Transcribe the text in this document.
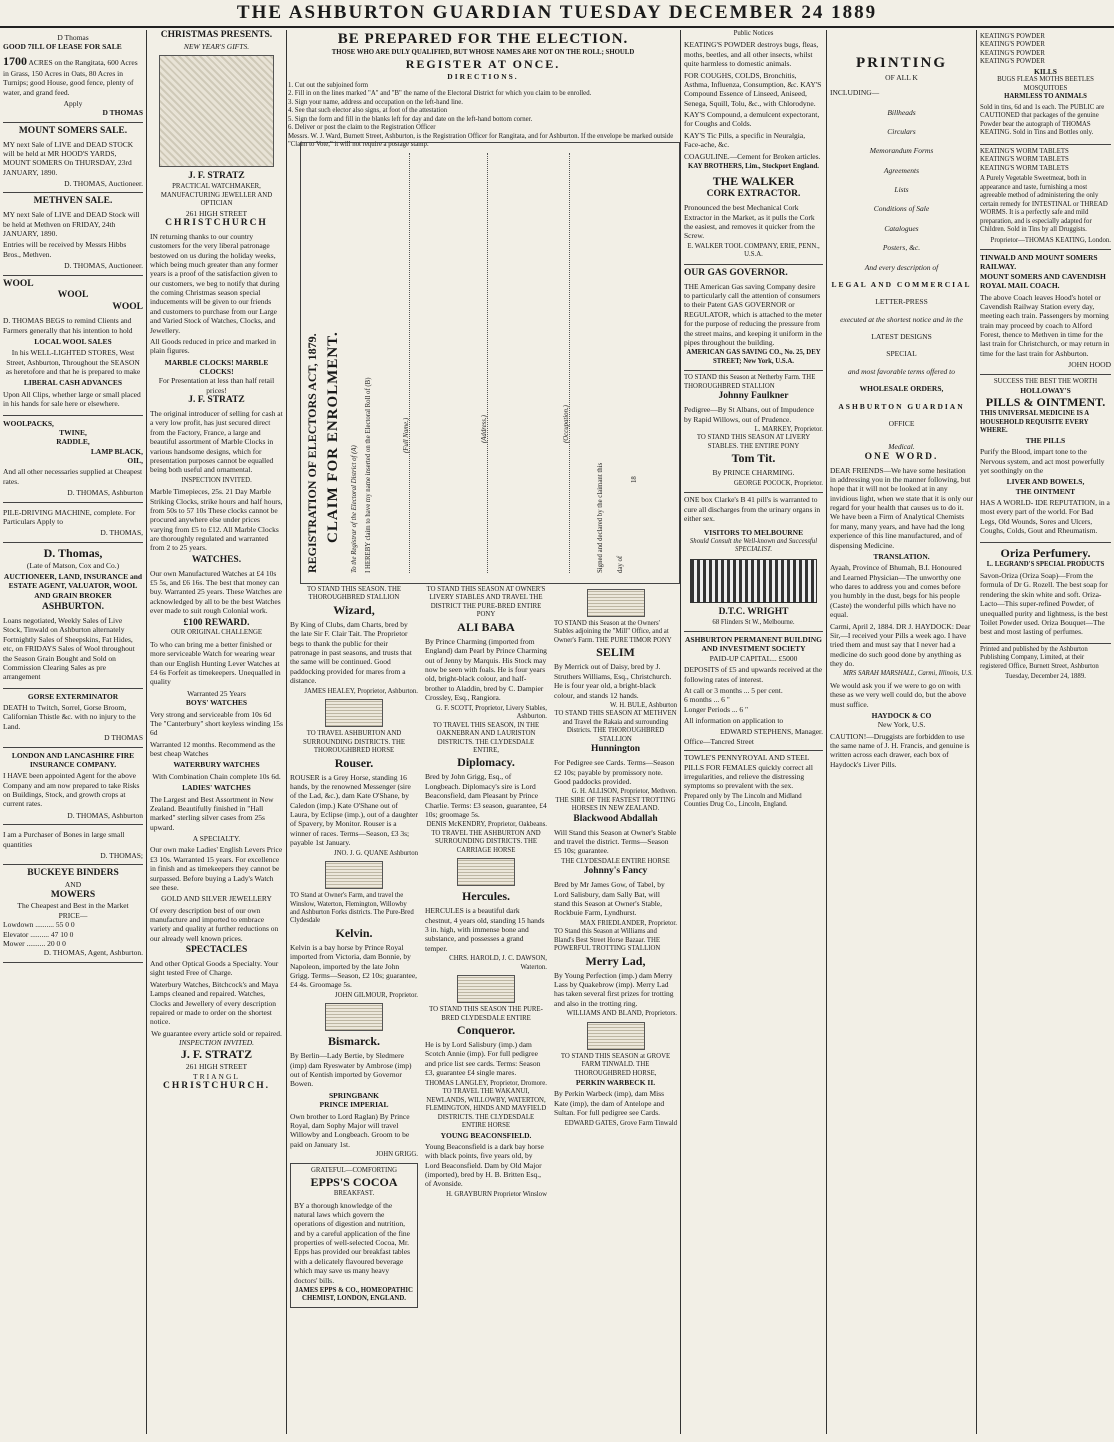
THE ASHBURTON GUARDIAN TUESDAY DECEMBER 24 1889
D Thomas
GOOD 7ILL OF LEASE FOR SALE

1700 ACRES on the Rangitata, 600 Acres in Grass, 150 Acres in Oats, 80 Acres in Turnips; good House, good fence, plenty of water, and grand feed.

Apply
D THOMAS
MOUNT SOMERS SALE.

MY next Sale of LIVE and DEAD STOCK will be held at MR HOOD'S YARDS, MOUNT SOMERS On THURSDAY, 23rd JANUARY, 1890.

D. THOMAS, Auctioneer.
METHVEN SALE.

MY next Sale of LIVE and DEAD Stock will be held at Methven on FRIDAY, 24th JANUARY, 1890.

Entries will be received by Messrs Hibbs Bros., Methven.

D. THOMAS, Auctioneer.
WOOL
WOOL
WOOL

D. THOMAS BEGS to remind Clients and Farmers generally that his intention to hold

LOCAL WOOL SALES

In his WELL-LIGHTED STORES, West Street, Ashburton, Throughout the SEASON as heretofore and that he is prepared to make

LIBERAL CASH ADVANCES

Upon All Clips, whether large or small placed in his hands for sale here or elsewhere.

WOOLPACKS,
TWINE,
RADDLE,
LAMP BLACK,
OIL,

And all other necessaries supplied at Cheapest rates.

D. THOMAS, Ashburton

PILE-DRIVING MACHINE, complete. For Particulars Apply to

D. THOMAS,
D. Thomas,
(Late of Matson, Cox and Co.)

AUCTIONEER, LAND, INSURANCE and ESTATE AGENT, VALUATOR, WOOL AND GRAIN BROKER

ASHBURTON.

Loans negotiated, Weekly Sales of Live Stock, Tinwald on Ashburton alternately Fortnightly Sales of Sheepskins, Fat Hides, etc, on FRIDAYS Sales of Wool throughout the Season Grain Bought and Sold on Commission Clearing Sales as pre arrangement

GORSE EXTERMINATOR

DEATH to Twitch, Sorrel, Gorse Broom, Californian Thistle &c. with no injury to the Land.

D THOMAS
LONDON AND LANCASHIRE FIRE INSURANCE COMPANY.

I HAVE been appointed Agent for the above Company and am now prepared to take Risks on Buildings, Stock, and growth crops at current rates.

D. THOMAS, Ashburton

I am a Purchaser of Bones in large small quantities

D. THOMAS;
BUCKEYE BINDERS
AND
MOWERS
The Cheapest and Best in the Market
PRICE—
Lowdown .......... 55 0 0
Elevator .......... 47 10 0
Mower .......... 20 0 0
D. THOMAS, Agent, Ashburton.
CHRISTMAS PRESENTS.
NEW YEAR'S GIFTS.
J. F. STRATZ
PRACTICAL WATCHMAKER, MANUFACTURING JEWELLER AND OPTICIAN
261 HIGH STREET
CHRISTCHURCH

IN returning thanks to our country customers for the very liberal patronage bestowed on us during the holiday weeks, which being much greater than any former years is a proof of the satisfaction given to our customers, we beg to notify that during the coming Christmas season special inducements will be given to our friends and customers to purchase from our Large and Varied Stock of Watches, Clocks, and Jewellery.

All Goods reduced in price and marked in plain figures.

MARBLE CLOCKS! MARBLE CLOCKS!
For Presentation at less than half retail prices!
J. F. STRATZ

The original introducer of selling for cash at a very low profit, has just secured direct from the Factory, France, a large and beautiful assortment of Marble Clocks in various handsome designs, which for presentation purposes cannot be equalled being both useful and ornamental.

INSPECTION INVITED.

Marble Timepieces, 25s. 21 Day Marble Striking Clocks, strike hours and half hours, from 50s to 57 10s These clocks cannot be procured anywhere else under prices varying from £5 to £12. All Marble Clocks are thoroughly regulated and warranted from 2 to 25 years.

WATCHES.

Our own Manufactured Watches at £4 10s £5 5s, and £6 16s. The best that money can buy. Warranted 25 years. These Watches are acknowledged by all to be the best Watches ever made to suit rough Colonial work.

£100 REWARD.
OUR ORIGINAL CHALLENGE

To who can bring me a better finished or more serviceable Watch for wearing wear than our English Hunting Lever Watches at £4 6s Forfeit as timekeepers. Unequalled in quality

Warranted 25 Years
BOYS' WATCHES

Very strong and serviceable from 10s 6d The "Canterbury" short keyless winding 15s 6d

Warranted 12 months. Recommend as the best cheap Watches

WATERBURY WATCHES

With Combination Chain complete 10s 6d.

LADIES' WATCHES

The Largest and Best Assortment in New Zealand. Beautifully finished in "Hall marked" sterling silver cases from 25s upward.

A SPECIALTY.

Our own make Ladies' English Levers Price £3 10s. Warranted 15 years. For excellence in finish and as timekeepers they cannot be surpassed. Before buying a Lady's Watch see these.

GOLD AND SILVER JEWELLERY

Of every description best of our own manufacture and imported to embrace variety and quality at further reductions on our already well known prices.

SPECTACLES

And other Optical Goods a Specialty. Your sight tested Free of Charge.

Waterbury Watches, Bitchcock's and Maya Lamps cleaned and repaired. Watches, Clocks and Jewellery of every description repaired or made to order on the shortest notice.

We guarantee every article sold or repaired.
INSPECTION INVITED.
J. F. STRATZ
261 HIGH STREET
TRIANGL
CHRISTCHURCH.
BE PREPARED FOR THE ELECTION.
THOSE WHO ARE DULY QUALIFIED, BUT WHOSE NAMES ARE NOT ON THE ROLL; SHOULD
REGISTER AT ONCE.
DIRECTIONS.
1. Cut out the subjoined form
2. Fill in on the lines marked "A" and "B" the name of the Electoral District for which you claim to be enrolled.
3. Sign your name, address and occupation on the left-hand line.
4. See that such elector also signs, at foot of the attestation
5. Sign the form and fill in the blanks left for day and date on the left-hand bottom corner.
6. Deliver or post the claim to the Registration Officer
Messrs. W. J. Ward, Burnett Street, Ashburton, is the Registration Officer for Rangitata, and for Ashburton. If the envelope be marked outside "Claim to Vote," it will not require a postage stamp.
REGISTRATION OF ELECTORS ACT, 1879. CLAIM FOR ENROLMENT. To the Registrar of the Electoral District of (A) I HEREBY claim to have my name inserted on the Electoral Roll of (B)	(Full Name.)	(Address.)	(Occupation.)
Signed and declared by the claimant this day of
18
TO STAND THIS SEASON. THE THOROUGHBRED STALLION
Wizard,

By King of Clubs, dam Charts, bred by the late Sir F. Clair Tait. The Proprietor begs to thank the public for their patronage in past seasons, and trusts that the same will be continued. Good paddocking provided for mares from a distance.

JAMES HEALEY, Proprietor, Ashburton.
TO TRAVEL ASHBURTON AND SURROUNDING DISTRICTS. THE THOROUGHBRED HORSE
Rouser.

ROUSER is a Grey Horse, standing 16 hands, by the renowned Messenger (sire of the Lad, &c.), dam Kate O'Shane, by Caledon (imp.) Kate O'Shane out of Laura, by Eclipse (imp.), out of a daughter of Spavery, by Monitor. Rouser is a winner of races. Terms—Season, £3 3s; payable 1st January.

JNO. J. G. QUANE Ashburton
TO Stand at Owner's Farm, and travel the Winslow, Waterton, Flemington, Willowby and Ashburton Forks districts. The Pure-Bred Clydesdale
Kelvin.

Kelvin is a bay horse by Prince Royal imported from Victoria, dam Bonnie, by Napoleon, imported by the late John Grigg. Terms—Season, £2 10s; guarantee, £4 4s. Groomage 5s.

JOHN GILMOUR, Proprietor.
Bismarck.

By Berlin—Lady Bertie, by Sledmere (imp) dam Ryeswater by Ambrose (imp) out of Kentish imported by Governor Bowen.

SPRINGBANK
PRINCE IMPERIAL

Own brother to Lord Raglan) By Prince Royal, dam Sophy Major will travel Willowby and Longbeach. Groom to be paid on January 1st.

JOHN GRIGG.
GRATEFUL—COMFORTING
EPPS'S COCOA
BREAKFAST.

BY a thorough knowledge of the natural laws which govern the operations of digestion and nutrition, and by a careful application of the fine properties of well-selected Cocoa, Mr. Epps has provided our breakfast tables with a delicately flavoured beverage which may save us many heavy doctors' bills.

JAMES EPPS & CO., HOMEOPATHIC CHEMIST, LONDON, ENGLAND.
TO STAND THIS SEASON AT OWNER'S LIVERY STABLES AND TRAVEL THE DISTRICT THE PURE-BRED ENTIRE PONY
ALI BABA

By Prince Charming (imported from England) dam Pearl by Prince Charming out of Jenny by Marquis. His Stock may now be seen with foals. He is four years old, bright-black colour, and half-brother to Aladdin, bred by C. Dampier Crossley, Esq., Rangiora.

G. F. SCOTT, Proprietor, Livery Stables, Ashburton.
TO TRAVEL THIS SEASON, IN THE OAKNEBRAN AND LAURISTON DISTRICTS. THE CLYDESDALE ENTIRE,
Diplomacy.

Bred by John Grigg, Esq., of Longbeach. Diplomacy's sire is Lord Beaconsfield, dam Pleasant by Prince Charlie. Terms: £3 season, guarantee, £4 10s; groomage 5s.

DENIS McKENDRY, Proprietor, Oakbeans.
TO TRAVEL THE ASHBURTON AND SURROUNDING DISTRICTS. THE CARRIAGE HORSE
Hercules.

HERCULES is a beautiful dark chestnut, 4 years old, standing 15 hands 3 in. high, with immense bone and substance, and possesses a grand temper.

CHRS. HAROLD, J. C. DAWSON, Waterton.
TO STAND THIS SEASON THE PURE-BRED CLYDESDALE ENTIRE
Conqueror.

He is by Lord Salisbury (imp.) dam Scotch Annie (imp). For full pedigree and price list see cards. Terms: Season £3, guarantee £4 single mares.

THOMAS LANGLEY, Proprietor, Dromore.
TO TRAVEL THE WAKANUI, NEWLANDS, WILLOWBY, WATERTON, FLEMINGTON, HINDS AND MAYFIELD DISTRICTS. THE CLYDESDALE ENTIRE HORSE
YOUNG BEACONSFIELD.

Young Beaconsfield is a dark bay horse with black points, five years old, by Lord Beaconsfield. Dam by Old Major (imported), bred by H. B. Britten Esq., of Avonside.

H. GRAYBURN Proprietor Winslow
TO STAND this Season at the Owners' Stables adjoining the "Mill" Office, and at Owner's Farm. THE PURE TIMOR PONY
SELIM

By Merrick out of Daisy, bred by J. Struthers Williams, Esq., Christchurch. He is four year old, a bright-black colour, and stands 12 hands.

W. H. BULE, Ashburton
TO STAND THIS SEASON AT METHVEN and Travel the Rakaia and surrounding Districts. THE THOROUGHBRED STALLION
Hunnington

For Pedigree see Cards. Terms—Season £2 10s; payable by promissory note. Good paddocks provided.

G. H. ALLISON, Proprietor, Methven.
THE SIRE OF THE FASTEST TROTTING HORSES IN NEW ZEALAND.
Blackwood Abdallah

Will Stand this Season at Owner's Stable and travel the district. Terms—Season £5 10s; guarantee.

THE CLYDESDALE ENTIRE HORSE
Johnny's Fancy

Bred by Mr James Gow, of Tabel, by Lord Salisbury, dam Sally Bat, will stand this Season at Owner's Stable, Rockbuie Farm, Lyndhurst.

MAX FRIEDLANDER, Proprietor.
TO Stand this Season at Williams and Bland's Best Street Horse Bazaar. THE POWERFUL TROTTING STALLION
Merry Lad,

By Young Perfection (imp.) dam Merry Lass by Quakebrow (imp). Merry Lad has taken several first prizes for trotting and also in the trotting ring.

WILLIAMS AND BLAND, Proprietors.
TO STAND THIS SEASON at GROVE FARM TINWALD. THE THOROUGHBRED HORSE,
PERKIN WARBECK II.

By Perkin Warbeck (imp), dam Miss Kate (imp), the dam of Antelope and Sultan. For full pedigree see Cards.

EDWARD GATES, Grove Farm Tinwald
Public Notices

KEATING'S POWDER destroys bugs, fleas, moths, beetles, and all other insects, whilst quite harmless to domestic animals.

FOR COUGHS, COLDS, Bronchitis, Asthma, Influenza, Consumption, &c. KAY'S Compound Essence of Linseed, Aniseed, Senega, Squill, Tolu, &c., with Chlorodyne.

KAY'S Compound, a demulcent expectorant, for Coughs and Colds.

KAY'S Tic Pills, a specific in Neuralgia, Face-ache, &c.

COAGULINE.—Cement for Broken articles.

KAY BROTHERS, Lim., Stockport England.
THE WALKER
CORK EXTRACTOR.

Pronounced the best Mechanical Cork Extractor in the Market, as it pulls the Cork the easiest, and removes it quicker from the Screw.

E. WALKER TOOL COMPANY, ERIE, PENN., U.S.A.
OUR GAS GOVERNOR.

THE American Gas saving Company desire to particularly call the attention of consumers to their Patent GAS GOVERNOR or REGULATOR, which is attached to the meter for the purpose of reducing the pressure from the street mains, and keeping it uniform in the pipes throughout the building.

AMERICAN GAS SAVING CO., No. 25, DEY STREET; New York, U.S.A.
TO STAND this Season at Netherby Farm. THE THOROUGHBRED STALLION
Johnny Faulkner

Pedigree—By St Albans, out of Impudence by Rapid Willows, out of Prudence.

L. MARKEY, Proprietor.
TO STAND THIS SEASON AT LIVERY STABLES. THE ENTIRE PONY
Tom Tit.

By PRINCE CHARMING.

GEORGE POCOCK, Proprietor.

ONE box Clarke's B 41 pill's is warranted to cure all discharges from the urinary organs in either sex.

VISITORS TO MELBOURNE
Should Consult the Well-known and Successful SPECIALIST.
D.T.C. WRIGHT
68 Flinders St W., Melbourne.
ASHBURTON PERMANENT BUILDING AND INVESTMENT SOCIETY
PAID-UP CAPITAL... £5000

DEPOSITS of £5 and upwards received at the following rates of interest.

At call or 3 months ... 5 per cent.
6 months ... 6 "
Longer Periods ... 6 "

All information on application to

EDWARD STEPHENS, Manager.
Office—Tancred Street

TOWLE'S PENNYROYAL AND STEEL PILLS FOR FEMALES quickly correct all irregularities, and relieve the distressing symptoms so prevalent with the sex.

Prepared only by The Lincoln and Midland Counties Drug Co., Lincoln, England.
PRINTING
OF ALL K
INCLUDING—
Billheads
Circulars
Memorandum Forms
Agreements
Lists
Conditions of Sale
Catalogues
Posters, &c.
And every description of
LEGAL AND COMMERCIAL
LETTER-PRESS
executed at the shortest notice and in the
LATEST DESIGNS
SPECIAL
and most favorable terms offered to
WHOLESALE ORDERS,
ASHBURTON GUARDIAN
OFFICE
Medical.
ONE WORD.

DEAR FRIENDS—We have some hesitation in addressing you in the manner following, but hope that it will not be looked at in any invidious light, when we state that it is only our regard for your health that causes us to do it. We have been a Firm of Analytical Chemists for many, many years, and have had the long experience of this line manufactured, and of dispensing Medicine.

TRANSLATION.

Ayaah, Province of Bhumah, B.I. Honoured and Learned Physician—The unworthy one who dares to address you and comes before you humbly in the dust, begs for his people (Caste) the wonderful pills which have no equal.

Carmi, April 2, 1884. DR J. HAYDOCK: Dear Sir,—I received your Pills a week ago. I have tried them and must say that I never had a medicine do such good done by anything as they do.

MRS SARAH MARSHALL, Carmi, Illinois, U.S.

We would ask you if we were to go on with these as we very well could do, but the above must suffice.

HAYDOCK & CO
New York, U.S.

CAUTION!—Druggists are forbidden to use the same name of J. H. Francis, and genuine is written across each drawer, each box of Haydock's Liver Pills.

KEATING'S POWDER
KEATING'S POWDER
KEATING'S POWDER
KEATING'S POWDER
KILLS
BUGS FLEAS MOTHS BEETLES MOSQUITOES
HARMLESS TO ANIMALS

Sold in tins, 6d and 1s each. The PUBLIC are CAUTIONED that packages of the genuine Powder bear the autograph of THOMAS KEATING. Sold in Tins and Bottles only.

KEATING'S WORM TABLETS
KEATING'S WORM TABLETS
KEATING'S WORM TABLETS

A Purely Vegetable Sweetmeat, both in appearance and taste, furnishing a most agreeable method of administering the only certain remedy for INTESTINAL or THREAD WORMS. It is a perfectly safe and mild preparation, and is especially adapted for Children. Sold in Tins by all Druggists.

Proprietor—THOMAS KEATING, London.
TINWALD AND MOUNT SOMERS RAILWAY.
MOUNT SOMERS AND CAVENDISH ROYAL MAIL COACH.

The above Coach leaves Hood's hotel or Cavendish Railway Station every day, meeting each train. Passengers by morning train may proceed by coach to Alford Forest, thence to Methven in time for the last train for Christchurch, or may return in time for the last train for Ashburton.

JOHN HOOD
SUCCESS THE BEST THE WORTH
HOLLOWAY'S
PILLS & OINTMENT.
THIS UNIVERSAL MEDICINE IS A HOUSEHOLD REQUISITE EVERY WHERE.
THE PILLS

Purify the Blood, impart tone to the Nervous system, and act most powerfully yet soothingly on the

LIVER AND BOWELS,
THE OINTMENT

HAS A WORLD- IDE REPUTATION, in a most every part of the world. For Bad Legs, Old Wounds, Sores and Ulcers, Coughs, Colds, Gout and Rheumatism.

Oriza Perfumery.
L. LEGRAND'S SPECIAL PRODUCTS

Savon-Oriza (Oriza Soap)—From the formula of Dr G. Rozell. The best soap for rendering the skin white and soft. Oriza-Lacto—This super-refined Powder, of unequalled purity and lightness, is the best Toilet Powder used. Oriza Bouquet—The best and most lasting of perfumes.

Printed and published by the Ashburton Publishing Company, Limited, at their registered Office, Burnett Street, Ashburton

Tuesday, December 24, 1889.
